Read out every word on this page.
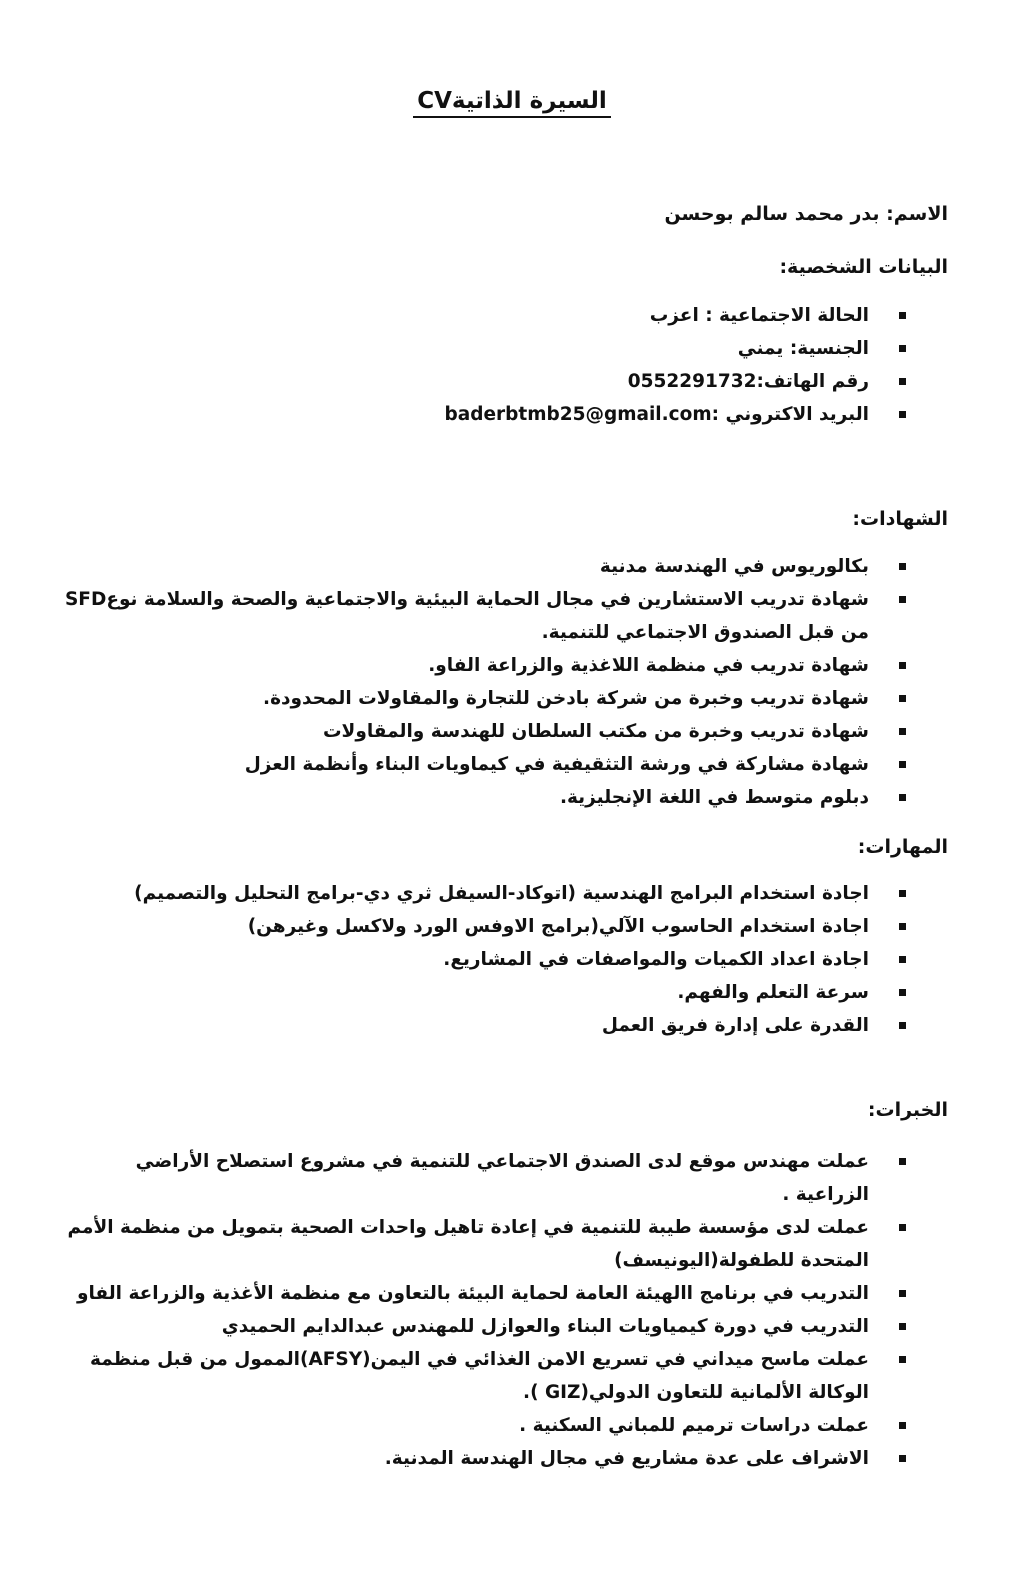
السيرة الذاتيةCV
الاسم: بدر محمد سالم بوحسن
البيانات الشخصية:
الحالة الاجتماعية : اعزب
الجنسية: يمني
رقم الهاتف:0552291732
البريد الاكتروني :baderbtmb25@gmail.com
الشهادات:
بكالوريوس في الهندسة مدنية
شهادة تدريب الاستشارين في مجال الحماية البيئية والاجتماعية والصحة والسلامة نوعSFD من قبل الصندوق الاجتماعي للتنمية.
شهادة تدريب في منظمة اللاغذية والزراعة الفاو.
شهادة تدريب وخبرة من شركة بادخن للتجارة والمقاولات المحدودة.
شهادة تدريب وخبرة من مكتب السلطان للهندسة والمقاولات
شهادة مشاركة في ورشة التثقيفية في كيماويات البناء وأنظمة العزل
دبلوم متوسط في اللغة الإنجليزية.
المهارات:
اجادة استخدام البرامج الهندسية (اتوكاد-السيفل ثري دي-برامج التحليل والتصميم)
اجادة استخدام الحاسوب الآلي(برامج الاوفس الورد ولاكسل وغيرهن)
اجادة اعداد الكميات والمواصفات في المشاريع.
سرعة التعلم والفهم.
القدرة على إدارة فريق العمل
الخبرات:
عملت مهندس موقع لدى الصندق الاجتماعي للتنمية في مشروع استصلاح الأراضي الزراعية .
عملت لدى مؤسسة طيبة للتنمية في إعادة تاهيل واحدات الصحية بتمويل من منظمة الأمم المتحدة للطفولة(اليونيسف)
التدريب في برنامج االهيئة العامة لحماية البيئة بالتعاون مع منظمة الأغذية والزراعة الفاو
التدريب في دورة كيمياويات البناء والعوازل للمهندس عبدالدايم الحميدي
عملت ماسح ميداني في تسريع الامن الغذائي في اليمن(AFSY)الممول من قبل منظمة الوكالة الألمانية للتعاون الدولي(GIZ ).
عملت دراسات ترميم للمباني السكنية .
الاشراف على عدة مشاريع في مجال الهندسة المدنية.
